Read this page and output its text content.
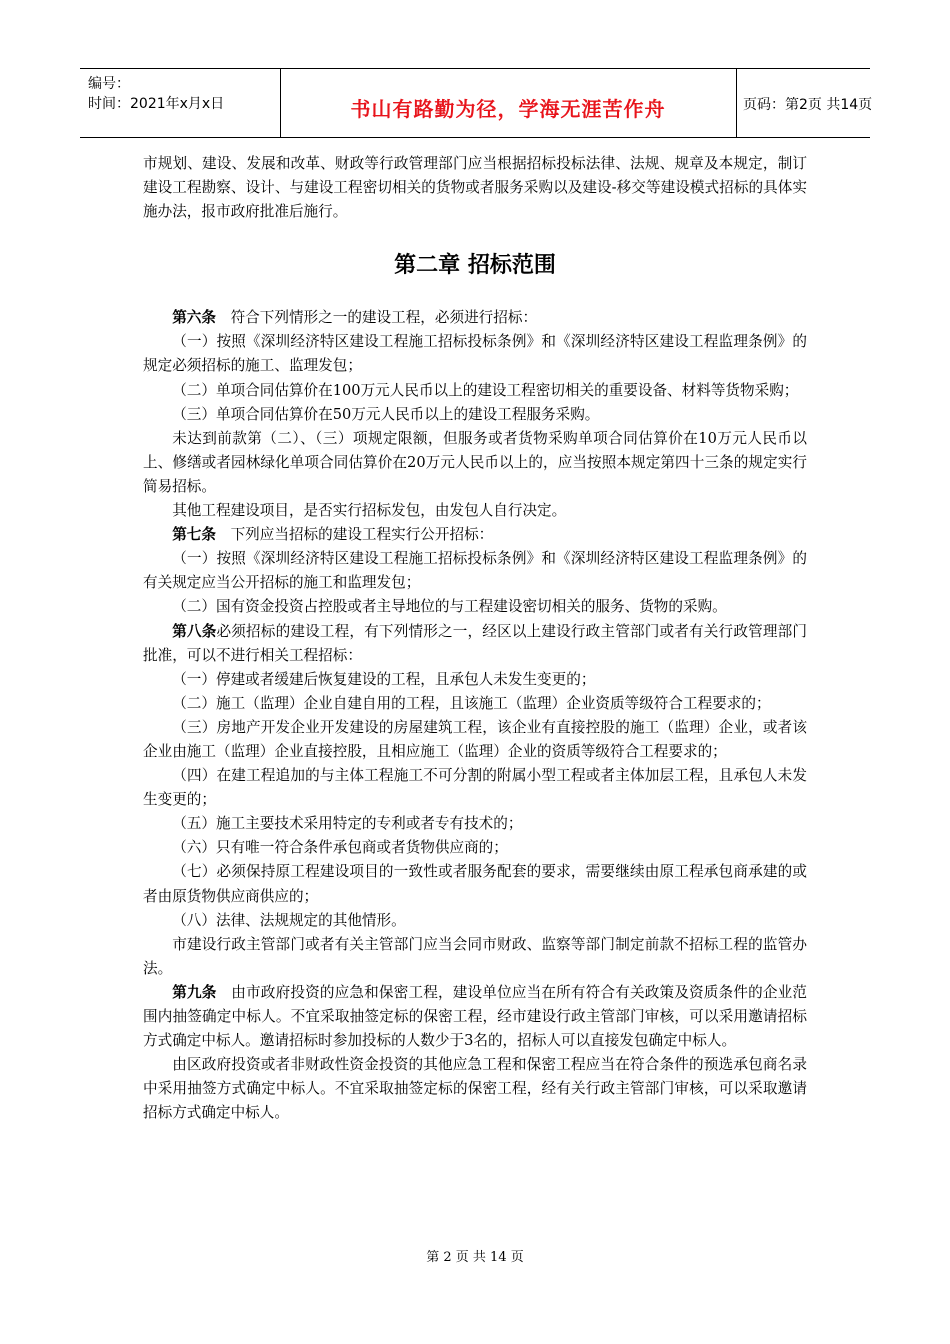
编号：
时间：2021年x月x日	书山有路勤为径，学海无涯苦作舟	页码：第2页 共14页

市规划、建设、发展和改革、财政等行政管理部门应当根据招标投标法律、法规、规章及本规定，制订建设工程勘察、设计、与建设工程密切相关的货物或者服务采购以及建设-移交等建设模式招标的具体实施办法，报市政府批准后施行。

第二章 招标范围

第六条　符合下列情形之一的建设工程，必须进行招标：

（一）按照《深圳经济特区建设工程施工招标投标条例》和《深圳经济特区建设工程监理条例》的规定必须招标的施工、监理发包；

（二）单项合同估算价在100万元人民币以上的建设工程密切相关的重要设备、材料等货物采购；

（三）单项合同估算价在50万元人民币以上的建设工程服务采购。

未达到前款第（二）、（三）项规定限额，但服务或者货物采购单项合同估算价在10万元人民币以上、修缮或者园林绿化单项合同估算价在20万元人民币以上的，应当按照本规定第四十三条的规定实行简易招标。

其他工程建设项目，是否实行招标发包，由发包人自行决定。

第七条　下列应当招标的建设工程实行公开招标：

（一）按照《深圳经济特区建设工程施工招标投标条例》和《深圳经济特区建设工程监理条例》的有关规定应当公开招标的施工和监理发包；

（二）国有资金投资占控股或者主导地位的与工程建设密切相关的服务、货物的采购。

第八条必须招标的建设工程，有下列情形之一，经区以上建设行政主管部门或者有关行政管理部门批准，可以不进行相关工程招标：

（一）停建或者缓建后恢复建设的工程，且承包人未发生变更的；

（二）施工（监理）企业自建自用的工程，且该施工（监理）企业资质等级符合工程要求的；

（三）房地产开发企业开发建设的房屋建筑工程，该企业有直接控股的施工（监理）企业，或者该企业由施工（监理）企业直接控股，且相应施工（监理）企业的资质等级符合工程要求的；

（四）在建工程追加的与主体工程施工不可分割的附属小型工程或者主体加层工程，且承包人未发生变更的；

（五）施工主要技术采用特定的专利或者专有技术的；

（六）只有唯一符合条件承包商或者货物供应商的；

（七）必须保持原工程建设项目的一致性或者服务配套的要求，需要继续由原工程承包商承建的或者由原货物供应商供应的；

（八）法律、法规规定的其他情形。

市建设行政主管部门或者有关主管部门应当会同市财政、监察等部门制定前款不招标工程的监管办法。

第九条　由市政府投资的应急和保密工程，建设单位应当在所有符合有关政策及资质条件的企业范围内抽签确定中标人。不宜采取抽签定标的保密工程，经市建设行政主管部门审核，可以采用邀请招标方式确定中标人。邀请招标时参加投标的人数少于3名的，招标人可以直接发包确定中标人。

由区政府投资或者非财政性资金投资的其他应急工程和保密工程应当在符合条件的预选承包商名录中采用抽签方式确定中标人。不宜采取抽签定标的保密工程，经有关行政主管部门审核，可以采取邀请招标方式确定中标人。

第 2 页 共 14 页
